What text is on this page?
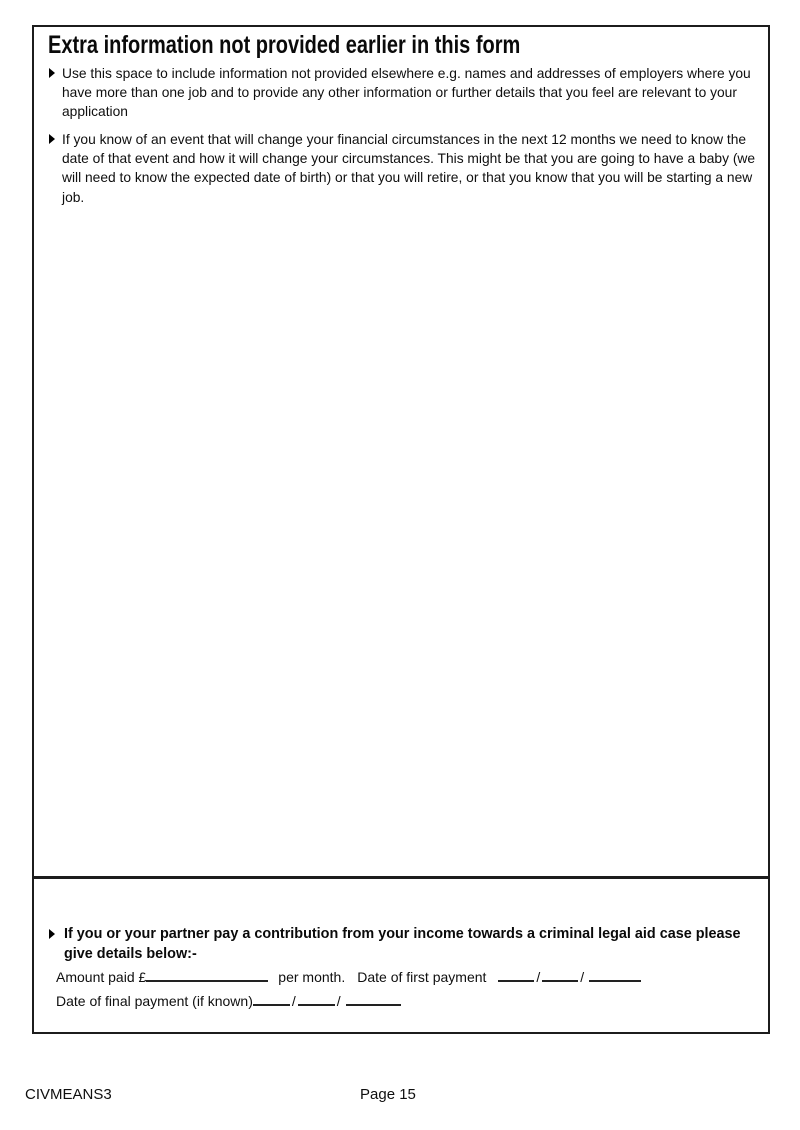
Extra information not provided earlier in this form

Use this space to include information not provided elsewhere e.g. names and addresses of employers where you have more than one job and to provide any other information or further details that you feel are relevant to your application

If you know of an event that will change your financial circumstances in the next 12 months we need to know the date of that event and how it will change your circumstances. This might be that you are going to have a baby (we will need to know the expected date of birth) or that you will retire, or that you know that you will be starting a new job.

If you or your partner pay a contribution from your income towards a criminal legal aid case please give details below:-
Amount paid £	per month. Date of first payment	/	/
Date of final payment (if known)	/	/
CIVMEANS3	Page 15
